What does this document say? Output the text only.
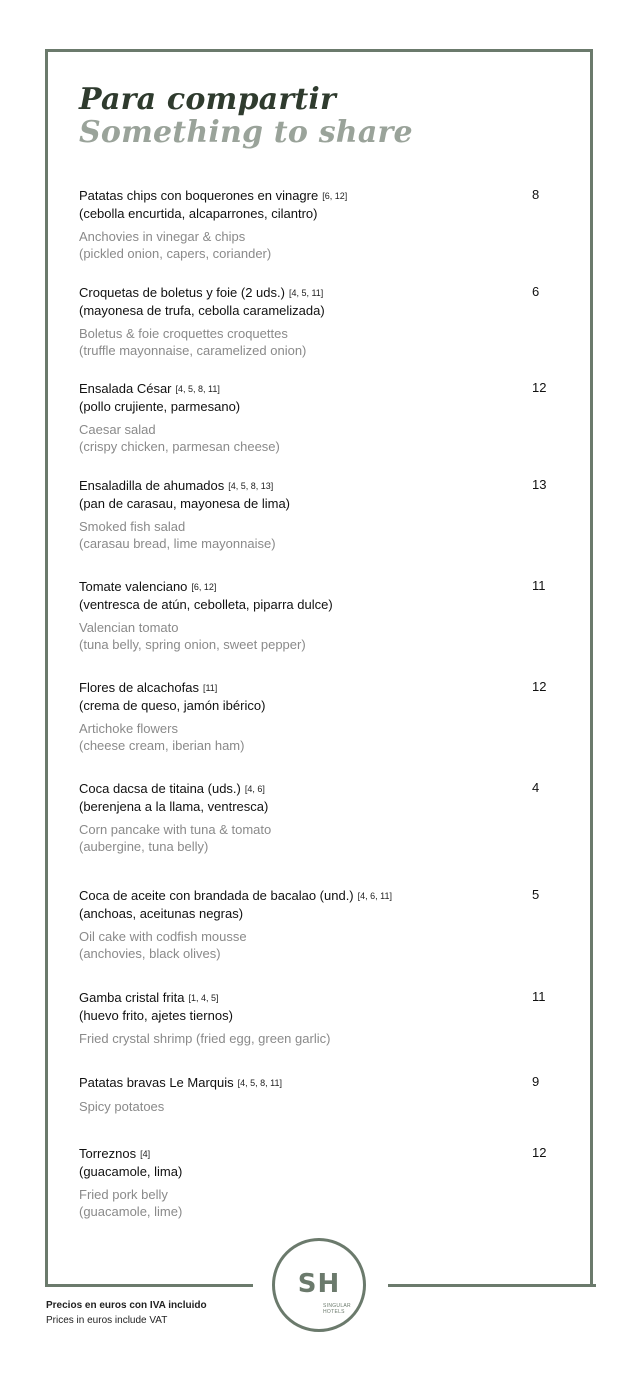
Para compartir
Something to share
Patatas chips con boquerones en vinagre [6, 12]
(cebolla encurtida, alcaparrones, cilantro)
Anchovies in vinegar & chips
(pickled onion, capers, coriander)
8
Croquetas de boletus y foie (2 uds.) [4, 5, 11]
(mayonesa de trufa, cebolla caramelizada)
Boletus & foie croquettes croquettes
(truffle mayonnaise, caramelized onion)
6
Ensalada César [4, 5, 8, 11]
(pollo crujiente, parmesano)
Caesar salad
(crispy chicken, parmesan cheese)
12
Ensaladilla de ahumados [4, 5, 8, 13]
(pan de carasau, mayonesa de lima)
Smoked fish salad
(carasau bread, lime mayonnaise)
13
Tomate valenciano [6, 12]
(ventresca de atún, cebolleta, piparra dulce)
Valencian tomato
(tuna belly, spring onion, sweet pepper)
11
Flores de alcachofas [11]
(crema de queso, jamón ibérico)
Artichoke flowers
(cheese cream, iberian ham)
12
Coca dacsa de titaina (uds.) [4, 6]
(berenjena a la llama, ventresca)
Corn pancake with tuna & tomato
(aubergine, tuna belly)
4
Coca de aceite con brandada de bacalao (und.) [4, 6, 11]
(anchoas, aceitunas negras)
Oil cake with codfish mousse
(anchovies, black olives)
5
Gamba cristal frita [1, 4, 5]
(huevo frito, ajetes tiernos)
Fried crystal shrimp (fried egg, green garlic)
11
Patatas bravas Le Marquis [4, 5, 8, 11]
Spicy potatoes
9
Torreznos [4]
(guacamole, lima)
Fried pork belly
(guacamole, lime)
12
SH
SINGULAR
HOTELS
Precios en euros con IVA incluido
Prices in euros include VAT
